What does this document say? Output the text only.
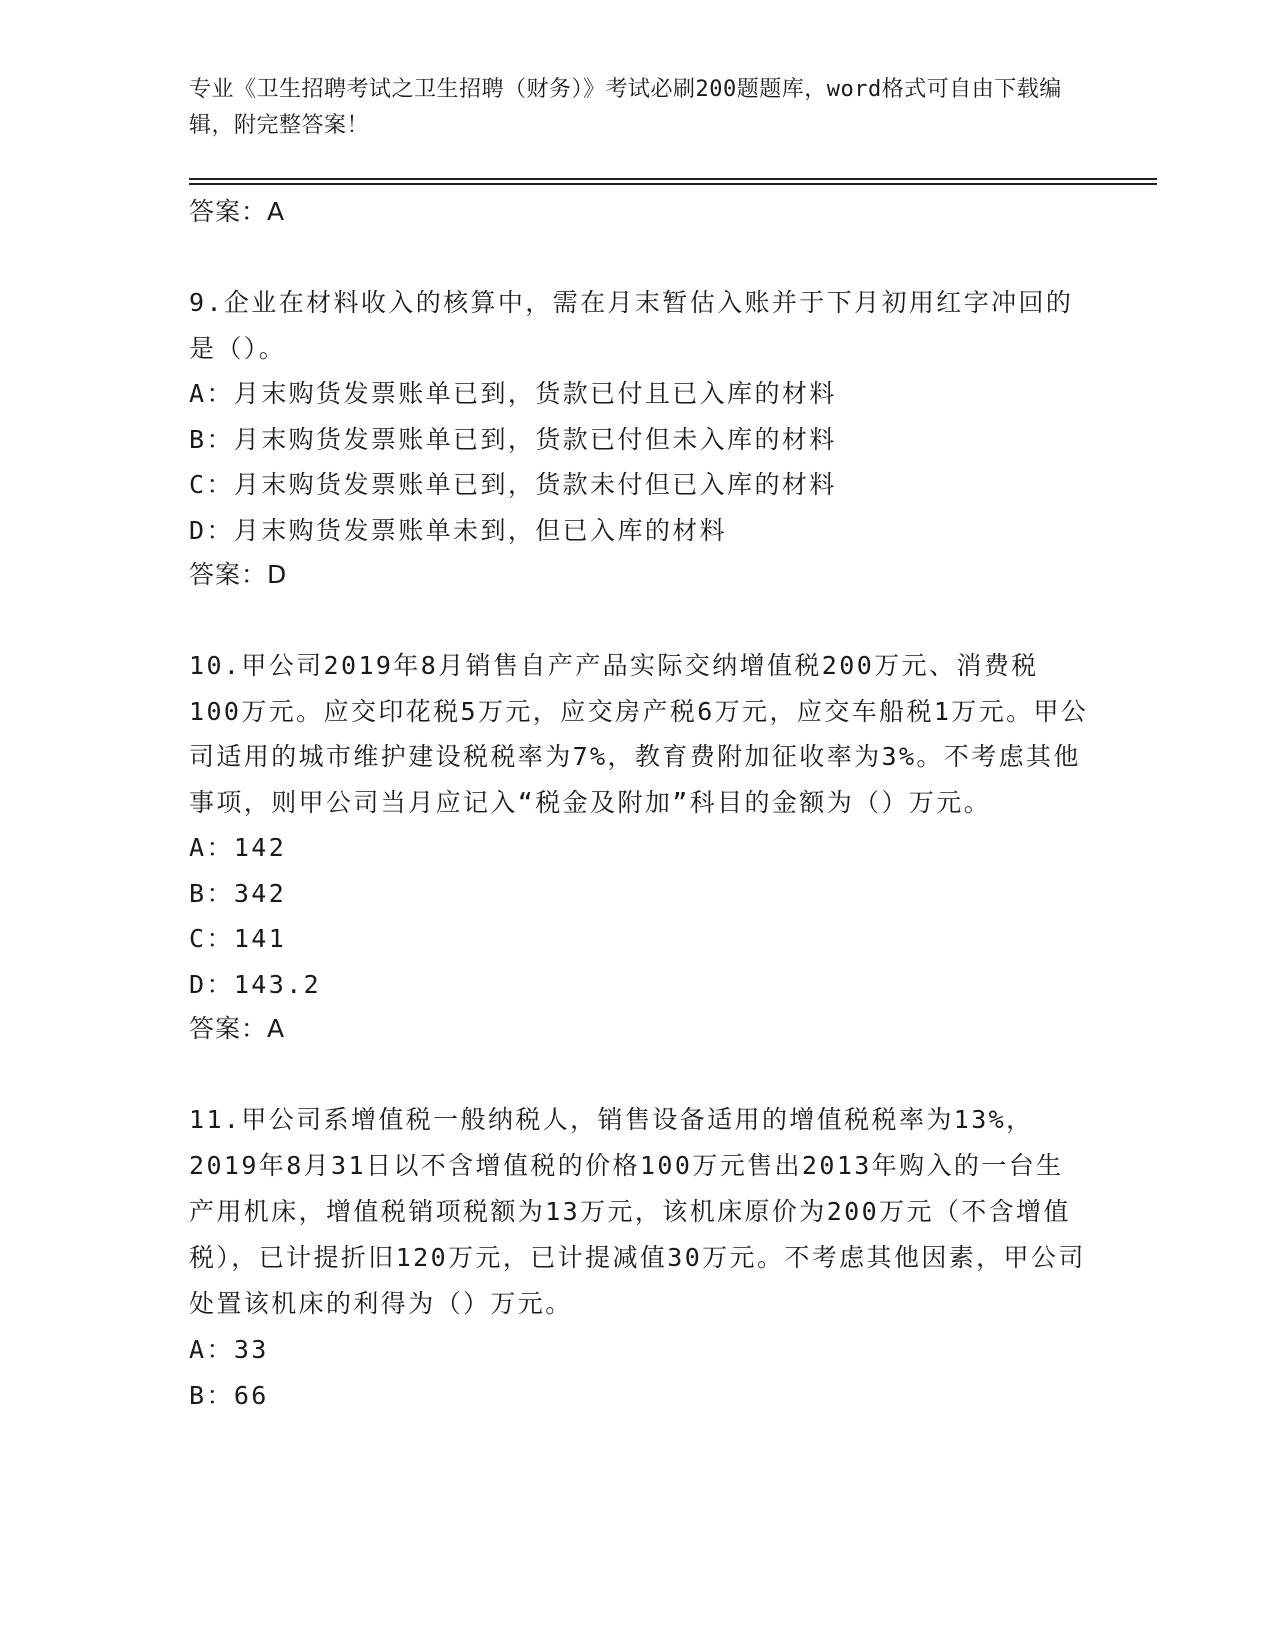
专业《卫生招聘考试之卫生招聘（财务）》考试必刷200题题库，word格式可自由下载编辑，附完整答案！
答案：A
9.企业在材料收入的核算中，需在月末暂估入账并于下月初用红字冲回的是（）。
A：月末购货发票账单已到，货款已付且已入库的材料
B：月末购货发票账单已到，货款已付但未入库的材料
C：月末购货发票账单已到，货款未付但已入库的材料
D：月末购货发票账单未到，但已入库的材料
答案：D
10.甲公司2019年8月销售自产产品实际交纳增值税200万元、消费税100万元。应交印花税5万元，应交房产税6万元，应交车船税1万元。甲公司适用的城市维护建设税税率为7%，教育费附加征收率为3%。不考虑其他事项，则甲公司当月应记入“税金及附加”科目的金额为（）万元。
A：142
B：342
C：141
D：143.2
答案：A
11.甲公司系增值税一般纳税人，销售设备适用的增值税税率为13%，2019年8月31日以不含增值税的价格100万元售出2013年购入的一台生产用机床，增值税销项税额为13万元，该机床原价为200万元（不含增值税），已计提折旧120万元，已计提减值30万元。不考虑其他因素，甲公司处置该机床的利得为（）万元。
A：33
B：66
